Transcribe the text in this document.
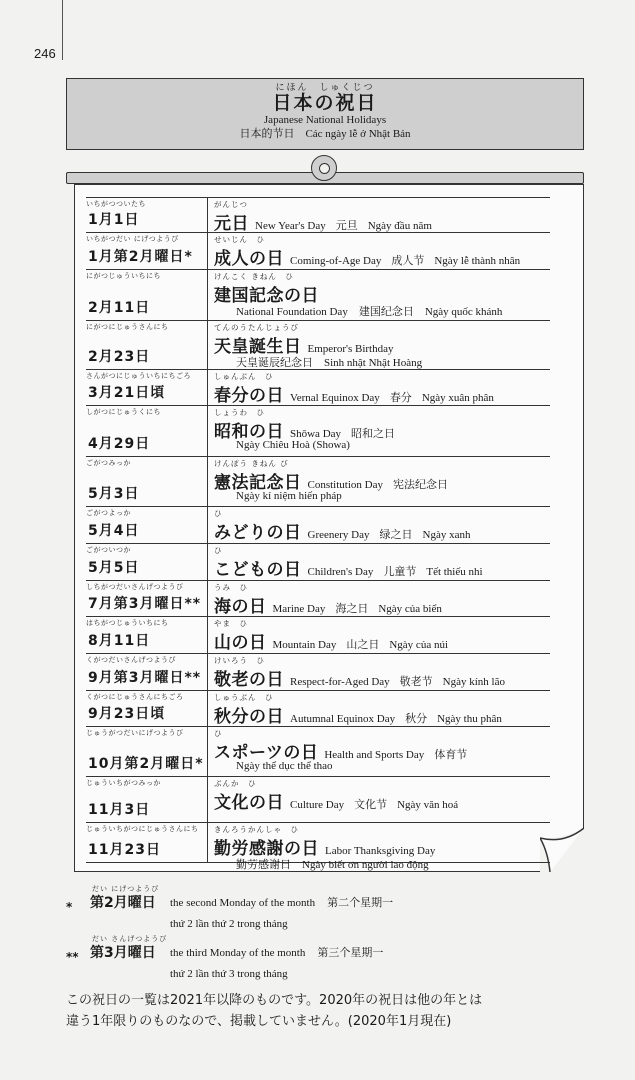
246
にほん　しゅくじつ
日本の祝日
Japanese National Holidays
日本的节日 Các ngày lễ ở Nhật Bản
いちがつついたち
1月1日
がんじつ
元日 New Year's Day 元旦 Ngày đầu năm
いちがつだい にげつようび
1月第2月曜日*
せいじん　ひ
成人の日 Coming-of-Age Day 成人节 Ngày lễ thành nhân
にがつじゅういちにち
2月11日
けんこく きねん　ひ
建国記念の日
National Foundation Day　建国纪念日　Ngày quốc khánh
にがつにじゅうさんにち
2月23日
てんのうたんじょうび
天皇誕生日 Emperor's Birthday
天皇诞辰纪念日　Sinh nhật Nhật Hoàng
さんがつにじゅういちにちごろ
3月21日頃
しゅんぶん　ひ
春分の日 Vernal Equinox Day 春分 Ngày xuân phân
しがつにじゅうくにち
4月29日
しょうわ　ひ
昭和の日 Shōwa Day 昭和之日
Ngày Chiêu Hoà (Showa)
ごがつみっか
5月3日
けんぽう きねん び
憲法記念日 Constitution Day 宪法纪念日
Ngày kỉ niệm hiến pháp
ごがつよっか
5月4日
ひ
みどりの日 Greenery Day 绿之日 Ngày xanh
ごがついつか
5月5日
ひ
こどもの日 Children's Day 儿童节 Tết thiếu nhi
しちがつだいさんげつようび
7月第3月曜日**
うみ　ひ
海の日 Marine Day 海之日 Ngày của biển
はちがつじゅういちにち
8月11日
やま　ひ
山の日 Mountain Day 山之日 Ngày của núi
くがつだいさんげつようび
9月第3月曜日**
けいろう　ひ
敬老の日 Respect-for-Aged Day 敬老节 Ngày kính lão
くがつにじゅうさんにちごろ
9月23日頃
しゅうぶん　ひ
秋分の日 Autumnal Equinox Day 秋分 Ngày thu phân
じゅうがつだいにげつようび
10月第2月曜日*
ひ
スポーツの日 Health and Sports Day 体育节
Ngày thể dục thể thao
じゅういちがつみっか
11月3日
ぶんか　ひ
文化の日 Culture Day 文化节 Ngày văn hoá
じゅういちがつにじゅうさんにち
11月23日
きんろうかんしゃ　ひ
勤労感謝の日 Labor Thanksgiving Day
勤劳感谢日　Ngày biết ơn người lao động
*
だい にげつようび
第2月曜日 the second Monday of the month 第二个星期一
thứ 2 lần thứ 2 trong tháng
**
だい さんげつようび
第3月曜日 the third Monday of the month 第三个星期一
thứ 2 lần thứ 3 trong tháng
この祝日の一覧は2021年以降のものです。2020年の祝日は他の年とは
違う1年限りのものなので、掲載していません。(2020年1月現在)
